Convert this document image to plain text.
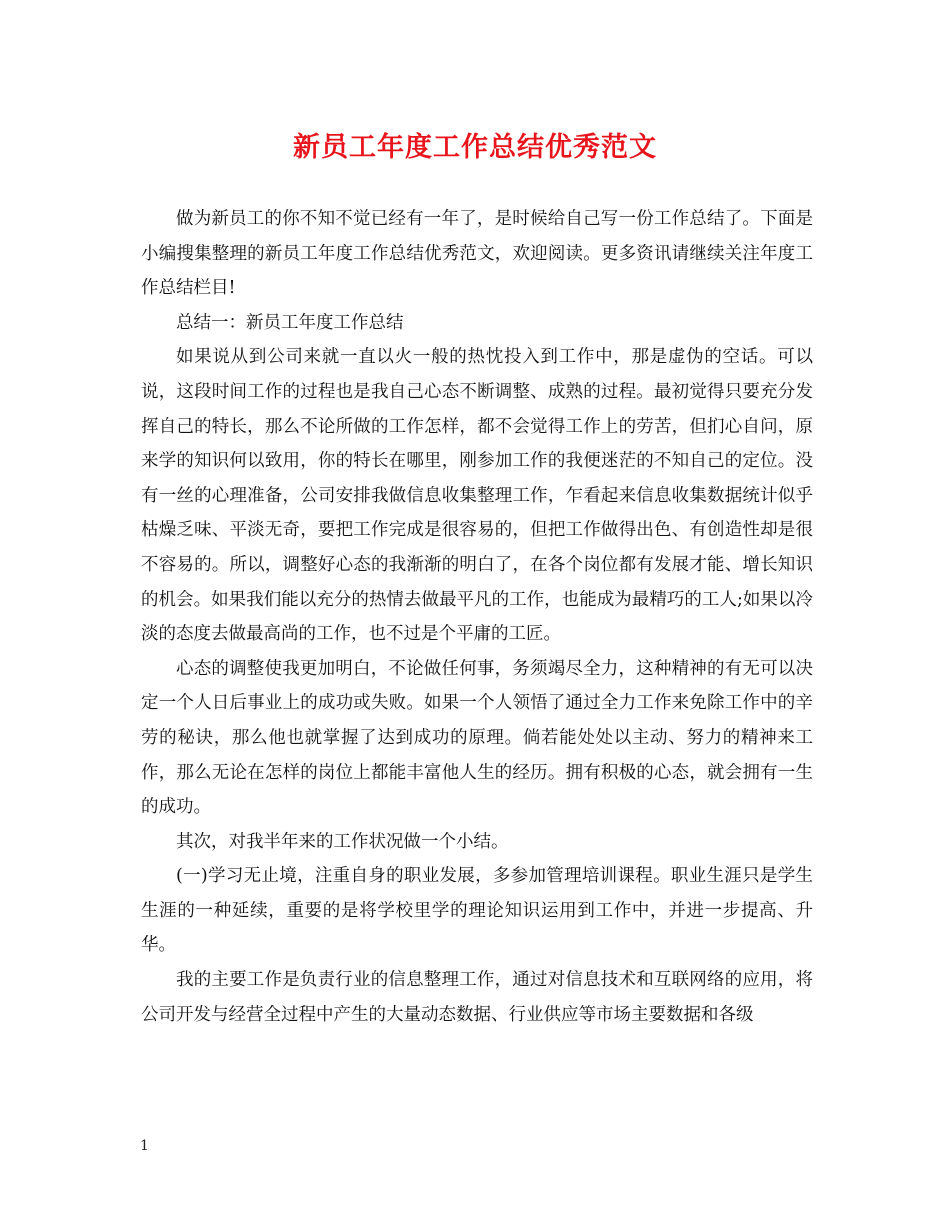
新员工年度工作总结优秀范文

做为新员工的你不知不觉已经有一年了，是时候给自己写一份工作总结了。下面是小编搜集整理的新员工年度工作总结优秀范文，欢迎阅读。更多资讯请继续关注年度工作总结栏目!

总结一：新员工年度工作总结

如果说从到公司来就一直以火一般的热忱投入到工作中，那是虚伪的空话。可以说，这段时间工作的过程也是我自己心态不断调整、成熟的过程。最初觉得只要充分发挥自己的特长，那么不论所做的工作怎样，都不会觉得工作上的劳苦，但扪心自问，原来学的知识何以致用，你的特长在哪里，刚参加工作的我便迷茫的不知自己的定位。没有一丝的心理准备，公司安排我做信息收集整理工作，乍看起来信息收集数据统计似乎枯燥乏味、平淡无奇，要把工作完成是很容易的，但把工作做得出色、有创造性却是很不容易的。所以，调整好心态的我渐渐的明白了，在各个岗位都有发展才能、增长知识的机会。如果我们能以充分的热情去做最平凡的工作，也能成为最精巧的工人;如果以冷淡的态度去做最高尚的工作，也不过是个平庸的工匠。

心态的调整使我更加明白，不论做任何事，务须竭尽全力，这种精神的有无可以决定一个人日后事业上的成功或失败。如果一个人领悟了通过全力工作来免除工作中的辛劳的秘诀，那么他也就掌握了达到成功的原理。倘若能处处以主动、努力的精神来工作，那么无论在怎样的岗位上都能丰富他人生的经历。拥有积极的心态，就会拥有一生的成功。

其次，对我半年来的工作状况做一个小结。

(一)学习无止境，注重自身的职业发展，多参加管理培训课程。职业生涯只是学生生涯的一种延续，重要的是将学校里学的理论知识运用到工作中，并进一步提高、升华。

我的主要工作是负责行业的信息整理工作，通过对信息技术和互联网络的应用，将公司开发与经营全过程中产生的大量动态数据、行业供应等市场主要数据和各级

1
